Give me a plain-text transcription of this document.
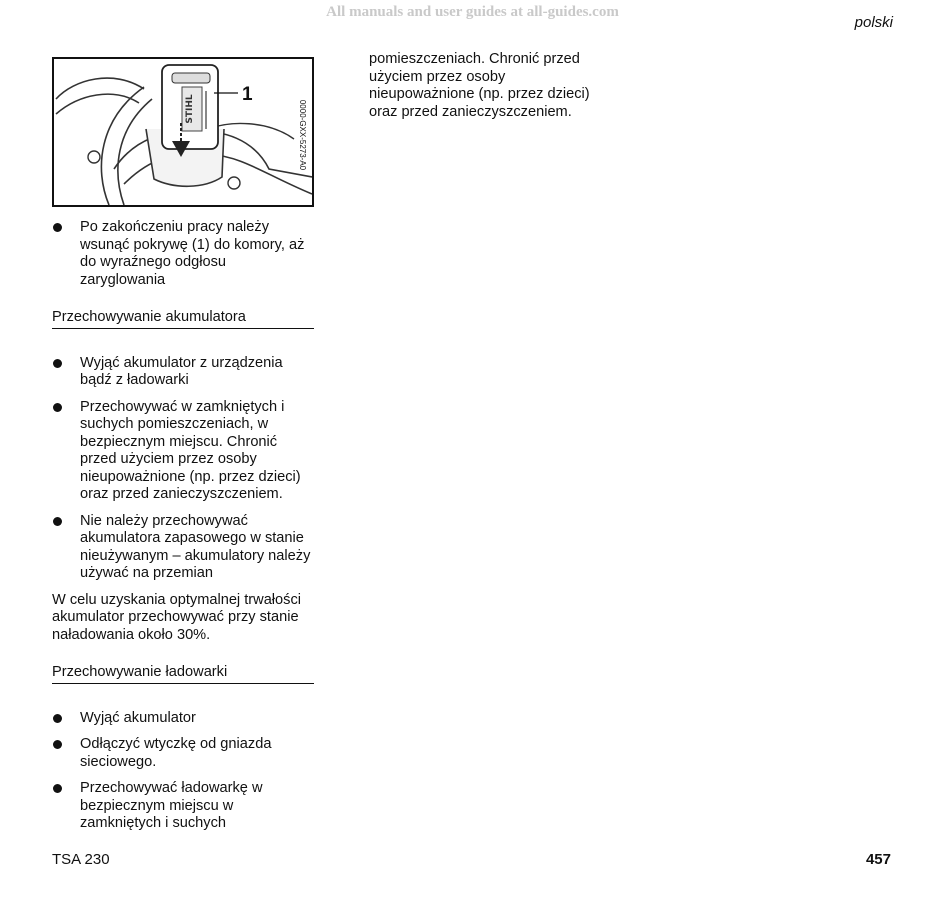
All manuals and user guides at all-guides.com
polski
STIHL 1
0000-GXX-5273-A0
Po zakończeniu pracy należy wsunąć pokrywę (1) do komory, aż do wyraźnego odgłosu zaryglowania
Przechowywanie akumulatora
Wyjąć akumulator z urządzenia bądź z ładowarki
Przechowywać w zamkniętych i suchych pomieszczeniach, w bezpiecznym miejscu. Chronić przed użyciem przez osoby nieupoważnione (np. przez dzieci) oraz przed zanieczyszczeniem.
Nie należy przechowywać akumulatora zapasowego w stanie nieużywanym – akumulatory należy używać na przemian

W celu uzyskania optymalnej trwałości akumulator przechowywać przy stanie naładowania około 30%.

Przechowywanie ładowarki
Wyjąć akumulator
Odłączyć wtyczkę od gniazda sieciowego.
Przechowywać ładowarkę w bezpiecznym miejscu w zamkniętych i suchych

pomieszczeniach. Chronić przed użyciem przez osoby nieupoważnione (np. przez dzieci) oraz przed zanieczyszczeniem.

TSA 230	457
